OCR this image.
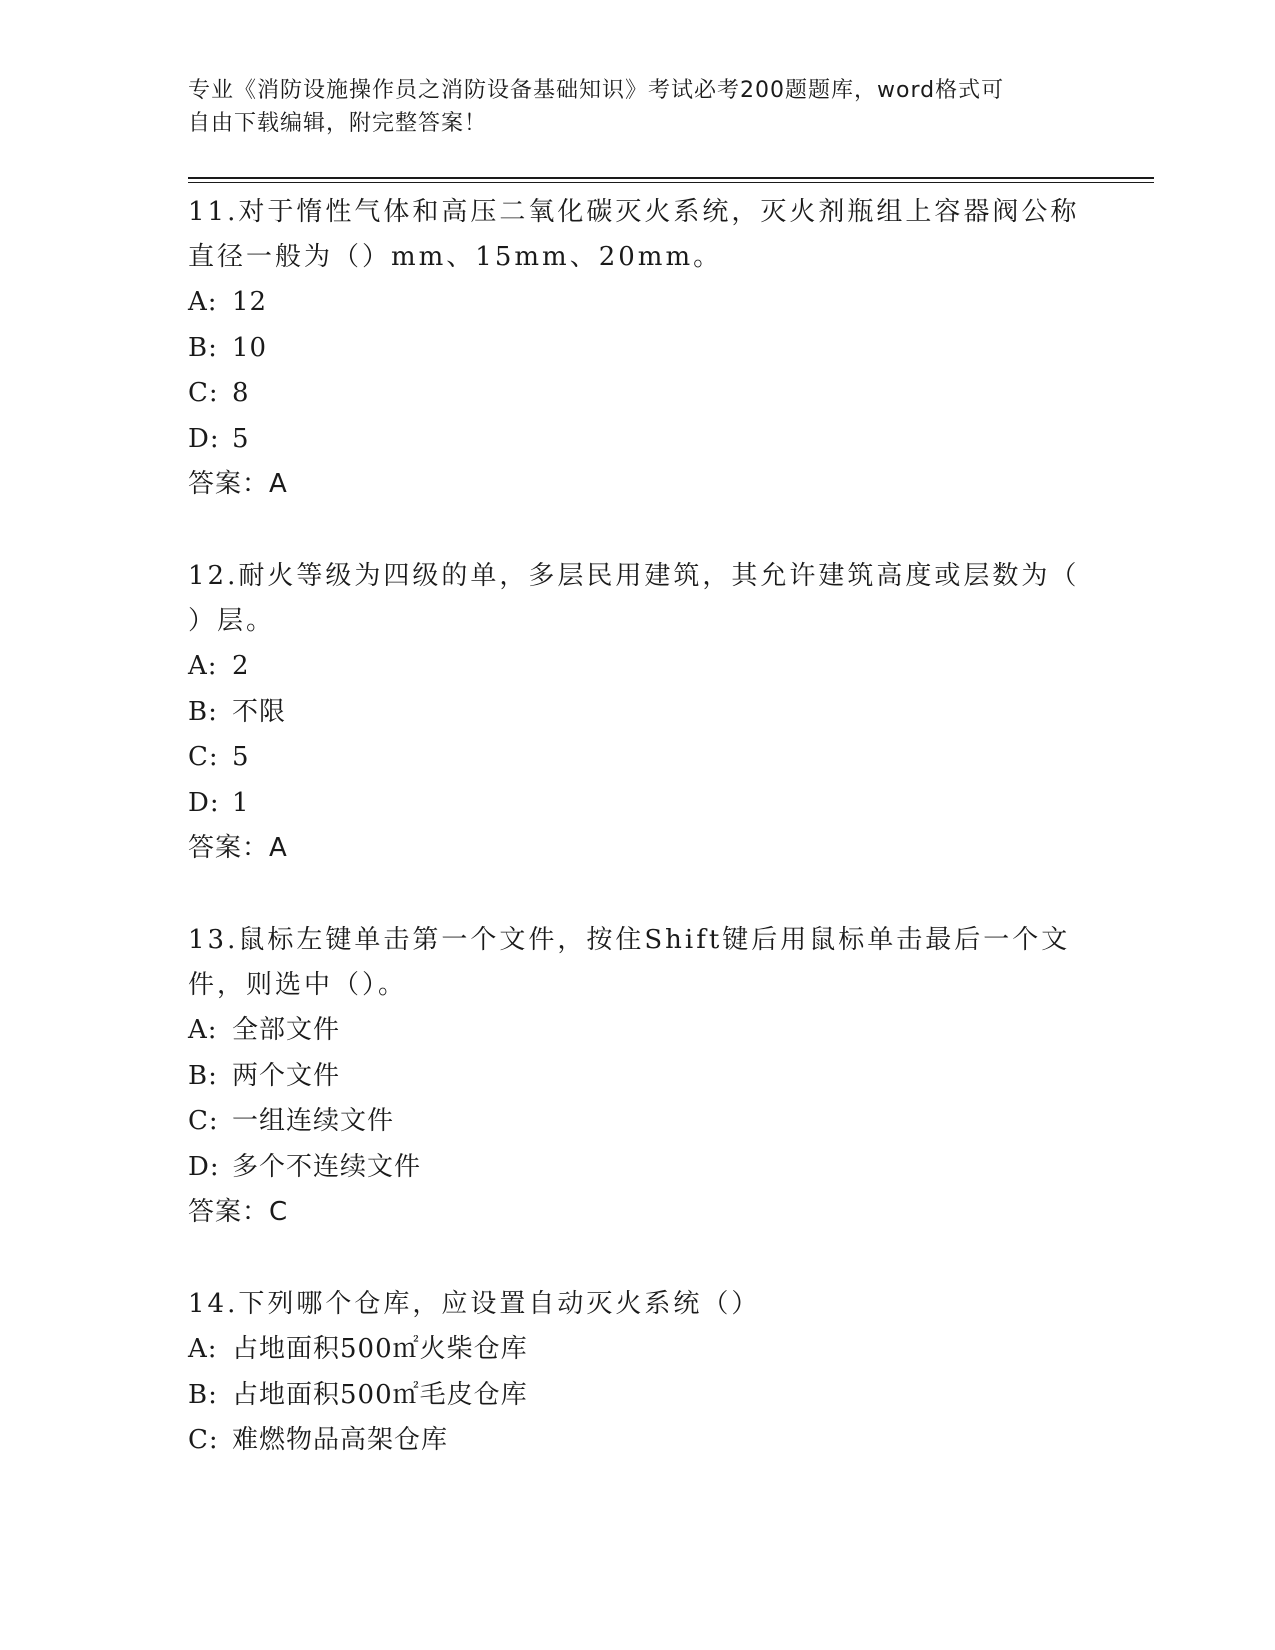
专业《消防设施操作员之消防设备基础知识》考试必考200题题库，word格式可
自由下载编辑，附完整答案！
11.对于惰性气体和高压二氧化碳灭火系统，灭火剂瓶组上容器阀公称
直径一般为（）mm、15mm、20mm。
A: 12
B: 10
C: 8
D: 5
答案：A
12.耐火等级为四级的单，多层民用建筑，其允许建筑高度或层数为（
）层。
A: 2
B: 不限
C: 5
D: 1
答案：A
13.鼠标左键单击第一个文件，按住Shift键后用鼠标单击最后一个文
件，则选中（）。
A: 全部文件
B: 两个文件
C: 一组连续文件
D: 多个不连续文件
答案：C
14.下列哪个仓库，应设置自动灭火系统（）
A: 占地面积500㎡火柴仓库
B: 占地面积500㎡毛皮仓库
C: 难燃物品高架仓库
